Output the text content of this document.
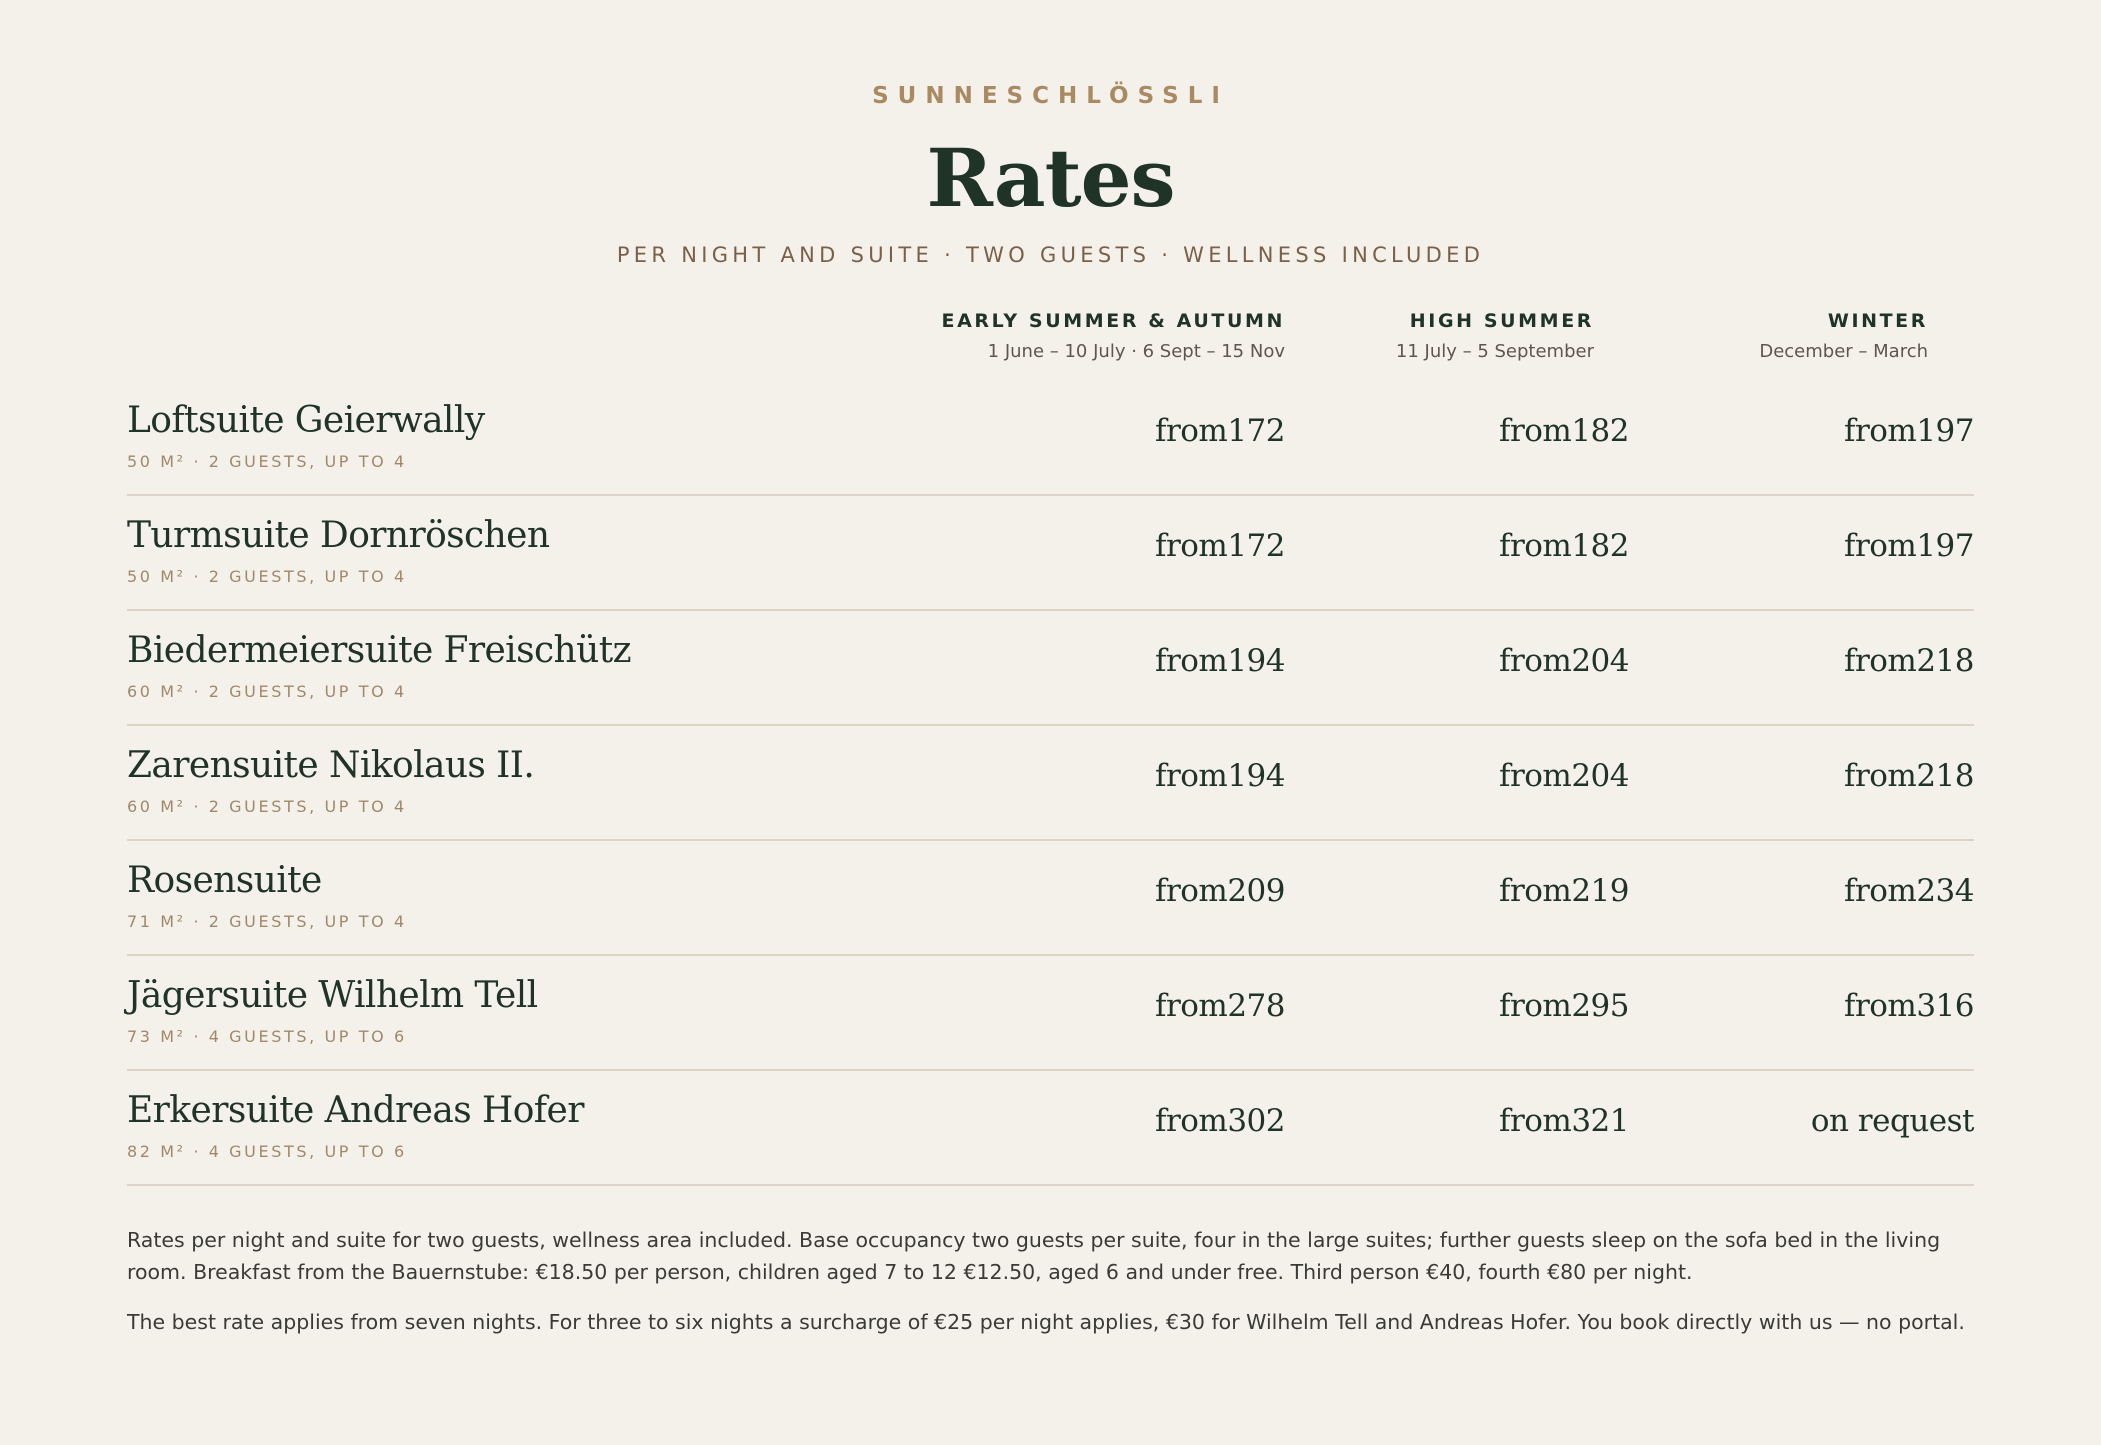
SUNNESCHLÖSSLI
Rates
PER NIGHT AND SUITE · TWO GUESTS · WELLNESS INCLUDED
EARLY SUMMER & AUTUMN
1 June – 10 July · 6 Sept – 15 Nov
HIGH SUMMER
11 July – 5 September
WINTER
December – March
Loftsuite Geierwally
50 M² · 2 GUESTS, UP TO 4
from172	from182	from197
Turmsuite Dornröschen
50 M² · 2 GUESTS, UP TO 4
from172	from182	from197
Biedermeiersuite Freischütz
60 M² · 2 GUESTS, UP TO 4
from194	from204	from218
Zarensuite Nikolaus II.
60 M² · 2 GUESTS, UP TO 4
from194	from204	from218
Rosensuite
71 M² · 2 GUESTS, UP TO 4
from209	from219	from234
Jägersuite Wilhelm Tell
73 M² · 4 GUESTS, UP TO 6
from278	from295	from316
Erkersuite Andreas Hofer
82 M² · 4 GUESTS, UP TO 6
from302	from321	on request

Rates per night and suite for two guests, wellness area included. Base occupancy two guests per suite, four in the large suites; further guests sleep on the sofa bed in the living room. Breakfast from the Bauernstube: €18.50 per person, children aged 7 to 12 €12.50, aged 6 and under free. Third person €40, fourth €80 per night.

The best rate applies from seven nights. For three to six nights a surcharge of €25 per night applies, €30 for Wilhelm Tell and Andreas Hofer. You book directly with us — no portal.
